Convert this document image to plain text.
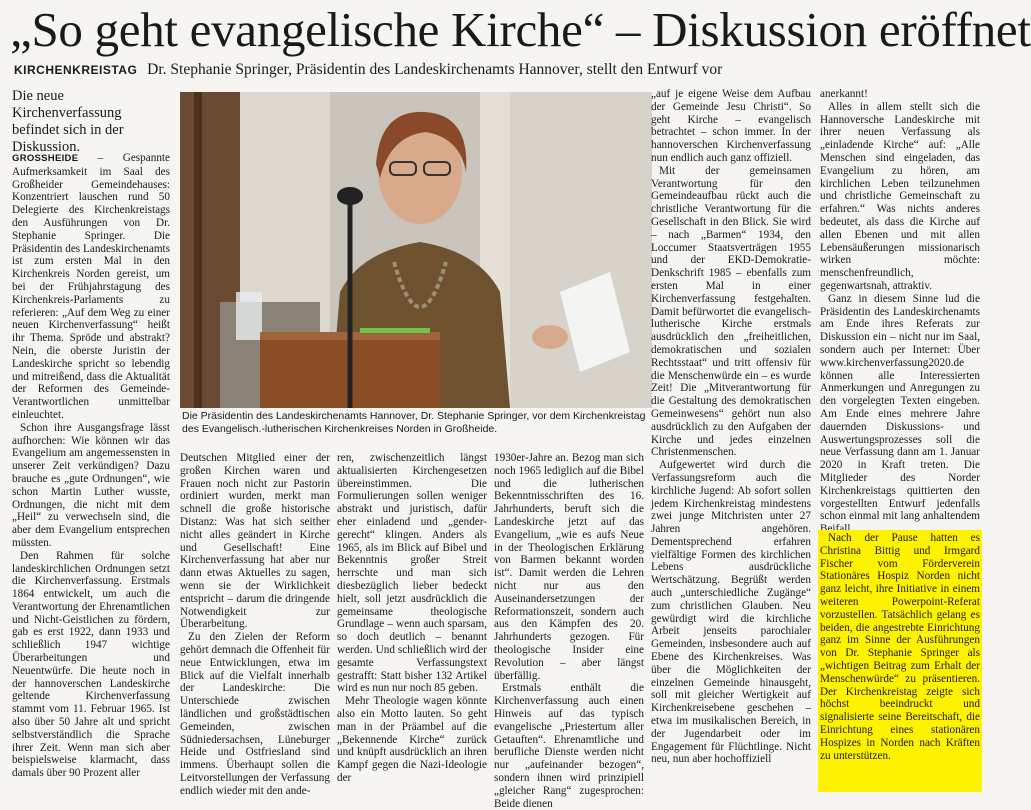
„So geht evangelische Kirche“ – Diskussion eröffnet
KIRCHENKREISTAG Dr. Stephanie Springer, Präsidentin des Landeskirchenamts Hannover, stellt den Entwurf vor

Die neue Kirchenverfassung befindet sich in der Diskussion.

Die Präsidentin des Landeskirchenamts Hannover, Dr. Stephanie Springer, vor dem Kirchenkreistag des Evangelisch.-lutherischen Kirchenkreises Norden in Großheide.

GROSSHEIDE – Gespannte Aufmerksamkeit im Saal des Großheider Gemeindehauses: Konzentriert lauschen rund 50 Delegierte des Kirchenkreistags den Ausführungen von Dr. Stephanie Springer. Die Präsidentin des Landeskirchenamts ist zum ersten Mal in den Kirchenkreis Norden gereist, um bei der Frühjahrstagung des Kirchenkreis-Parlaments zu referieren: „Auf dem Weg zu einer neuen Kirchenverfassung“ heißt ihr Thema. Spröde und abstrakt? Nein, die oberste Juristin der Landeskirche spricht so lebendig und mitreißend, dass die Aktualität der Reformen des Gemeinde-Verantwortlichen unmittelbar einleuchtet.

Schon ihre Ausgangsfrage lässt aufhorchen: Wie können wir das Evangelium am angemessensten in unserer Zeit verkündigen? Dazu brauche es „gute Ordnungen“, wie schon Martin Luther wusste, Ordnungen, die nicht mit dem „Heil“ zu verwechseln sind, die aber dem Evangelium entsprechen müssten.

Den Rahmen für solche landeskirchlichen Ordnungen setzt die Kirchenverfassung. Erstmals 1864 entwickelt, um auch die Verantwortung der Ehrenamtlichen und Nicht-Geistlichen zu fördern, gab es erst 1922, dann 1933 und schließlich 1947 wichtige Überarbeitungen und Neuentwürfe. Die heute noch in der hannoverschen Landeskirche geltende Kirchenverfassung stammt vom 11. Februar 1965. Ist also über 50 Jahre alt und spricht selbstverständlich die Sprache ihrer Zeit. Wenn man sich aber beispielsweise klarmacht, dass damals über 90 Prozent aller

Deutschen Mitglied einer der großen Kirchen waren und Frauen noch nicht zur Pastorin ordiniert wurden, merkt man schnell die große historische Distanz: Was hat sich seither nicht alles geändert in Kirche und Gesellschaft! Eine Kirchenverfassung hat aber nur dann etwas Aktuelles zu sagen, wenn sie der Wirklichkeit entspricht – darum die dringende Notwendigkeit zur Überarbeitung.

Zu den Zielen der Reform gehört demnach die Offenheit für neue Entwicklungen, etwa im Blick auf die Vielfalt innerhalb der Landeskirche: Die Unterschiede zwischen ländlichen und großstädtischen Gemeinden, zwischen Südniedersachsen, Lüneburger Heide und Ostfriesland sind immens. Überhaupt sollen die Leitvorstellungen der Verfassung endlich wieder mit den ande-

ren, zwischenzeitlich längst aktualisierten Kirchengesetzen übereinstimmen. Die Formulierungen sollen weniger abstrakt und juristisch, dafür eher einladend und „gender-gerecht“ klingen. Anders als 1965, als im Blick auf Bibel und Bekenntnis großer Streit herrschte und man sich diesbezüglich lieber bedeckt hielt, soll jetzt ausdrücklich die gemeinsame theologische Grundlage – wenn auch sparsam, so doch deutlich – benannt werden. Und schließlich wird der gesamte Verfassungstext gestrafft: Statt bisher 132 Artikel wird es nun nur noch 85 geben.

Mehr Theologie wagen könnte also ein Motto lauten. So geht man in der Präambel auf die „Bekennende Kirche“ zurück und knüpft ausdrücklich an ihren Kampf gegen die Nazi-Ideologie der

1930er-Jahre an. Bezog man sich noch 1965 lediglich auf die Bibel und die lutherischen Bekenntnisschriften des 16. Jahrhunderts, beruft sich die Landeskirche jetzt auf das Evangelium, „wie es aufs Neue in der Theologischen Erklärung von Barmen bekannt worden ist“. Damit werden die Lehren nicht nur aus den Auseinandersetzungen der Reformationszeit, sondern auch aus den Kämpfen des 20. Jahrhunderts gezogen. Für theologische Insider eine Revolution – aber längst überfällig.

Erstmals enthält die Kirchenverfassung auch einen Hinweis auf das typisch evangelische „Priestertum aller Getauften“. Ehrenamtliche und berufliche Dienste werden nicht nur „aufeinander bezogen“, sondern ihnen wird prinzipiell „gleicher Rang“ zugesprochen: Beide dienen

„auf je eigene Weise dem Aufbau der Gemeinde Jesu Christi“. So geht Kirche – evangelisch betrachtet – schon immer. In der hannoverschen Kirchenverfassung nun endlich auch ganz offiziell.

Mit der gemeinsamen Verantwortung für den Gemeindeaufbau rückt auch die christliche Verantwortung für die Gesellschaft in den Blick. Sie wird – nach „Barmen“ 1934, den Loccumer Staatsverträgen 1955 und der EKD-Demokratie-Denkschrift 1985 – ebenfalls zum ersten Mal in einer Kirchenverfassung festgehalten. Damit befürwortet die evangelisch-lutherische Kirche erstmals ausdrücklich den „freiheitlichen, demokratischen und sozialen Rechtsstaat“ und tritt offensiv für die Menschenwürde ein – es wurde Zeit! Die „Mitverantwortung für die Gestaltung des demokratischen Gemeinwesens“ gehört nun also ausdrücklich zu den Aufgaben der Kirche und jedes einzelnen Christenmenschen.

Aufgewertet wird durch die Verfassungsreform auch die kirchliche Jugend: Ab sofort sollen jedem Kirchenkreistag mindestens zwei junge Mitchristen unter 27 Jahren angehören. Dementsprechend erfahren vielfältige Formen des kirchlichen Lebens ausdrückliche Wertschätzung. Begrüßt werden auch „unterschiedliche Zugänge“ zum christlichen Glauben. Neu gewürdigt wird die kirchliche Arbeit jenseits parochialer Gemeinden, insbesondere auch auf Ebene des Kirchenkreises. Was über die Möglichkeiten der einzelnen Gemeinde hinausgeht, soll mit gleicher Wertigkeit auf Kirchenkreisebene geschehen – etwa im musikalischen Bereich, in der Jugendarbeit oder im Engagement für Flüchtlinge. Nicht neu, nun aber hochoffiziell

anerkannt!

Alles in allem stellt sich die Hannoversche Landeskirche mit ihrer neuen Verfassung als „einladende Kirche“ auf: „Alle Menschen sind eingeladen, das Evangelium zu hören, am kirchlichen Leben teilzunehmen und christliche Gemeinschaft zu erfahren.“ Was nichts anderes bedeutet, als dass die Kirche auf allen Ebenen und mit allen Lebensäußerungen missionarisch wirken möchte: menschenfreundlich, gegenwartsnah, attraktiv.

Ganz in diesem Sinne lud die Präsidentin des Landeskirchenamts am Ende ihres Referats zur Diskussion ein – nicht nur im Saal, sondern auch per Internet: Über www.kirchenverfassung2020.de können alle Interessierten Anmerkungen und Anregungen zu den vorgelegten Texten eingeben. Am Ende eines mehrere Jahre dauernden Diskussions- und Auswertungsprozesses soll die neue Verfassung dann am 1. Januar 2020 in Kraft treten. Die Mitglieder des Norder Kirchenkreistags quittierten den vorgestellten Entwurf jedenfalls schon einmal mit lang anhaltendem

Nach der Pause hatten es Christina Bittig und Irmgard Fischer vom Förderverein Stationäres Hospiz Norden nicht ganz leicht, ihre Initiative in einem weiteren Powerpoint-Referat vorzustellen. Tatsächlich gelang es beiden, die angestrebte Einrichtung ganz im Sinne der Ausführungen von Dr. Stephanie Springer als „wichtigen Beitrag zum Erhalt der Menschenwürde“ zu präsentieren. Der Kirchenkreistag zeigte sich höchst beeindruckt und signalisierte seine Bereitschaft, die Einrichtung eines stationären Hospizes in Norden nach Kräften zu unterstützen.
